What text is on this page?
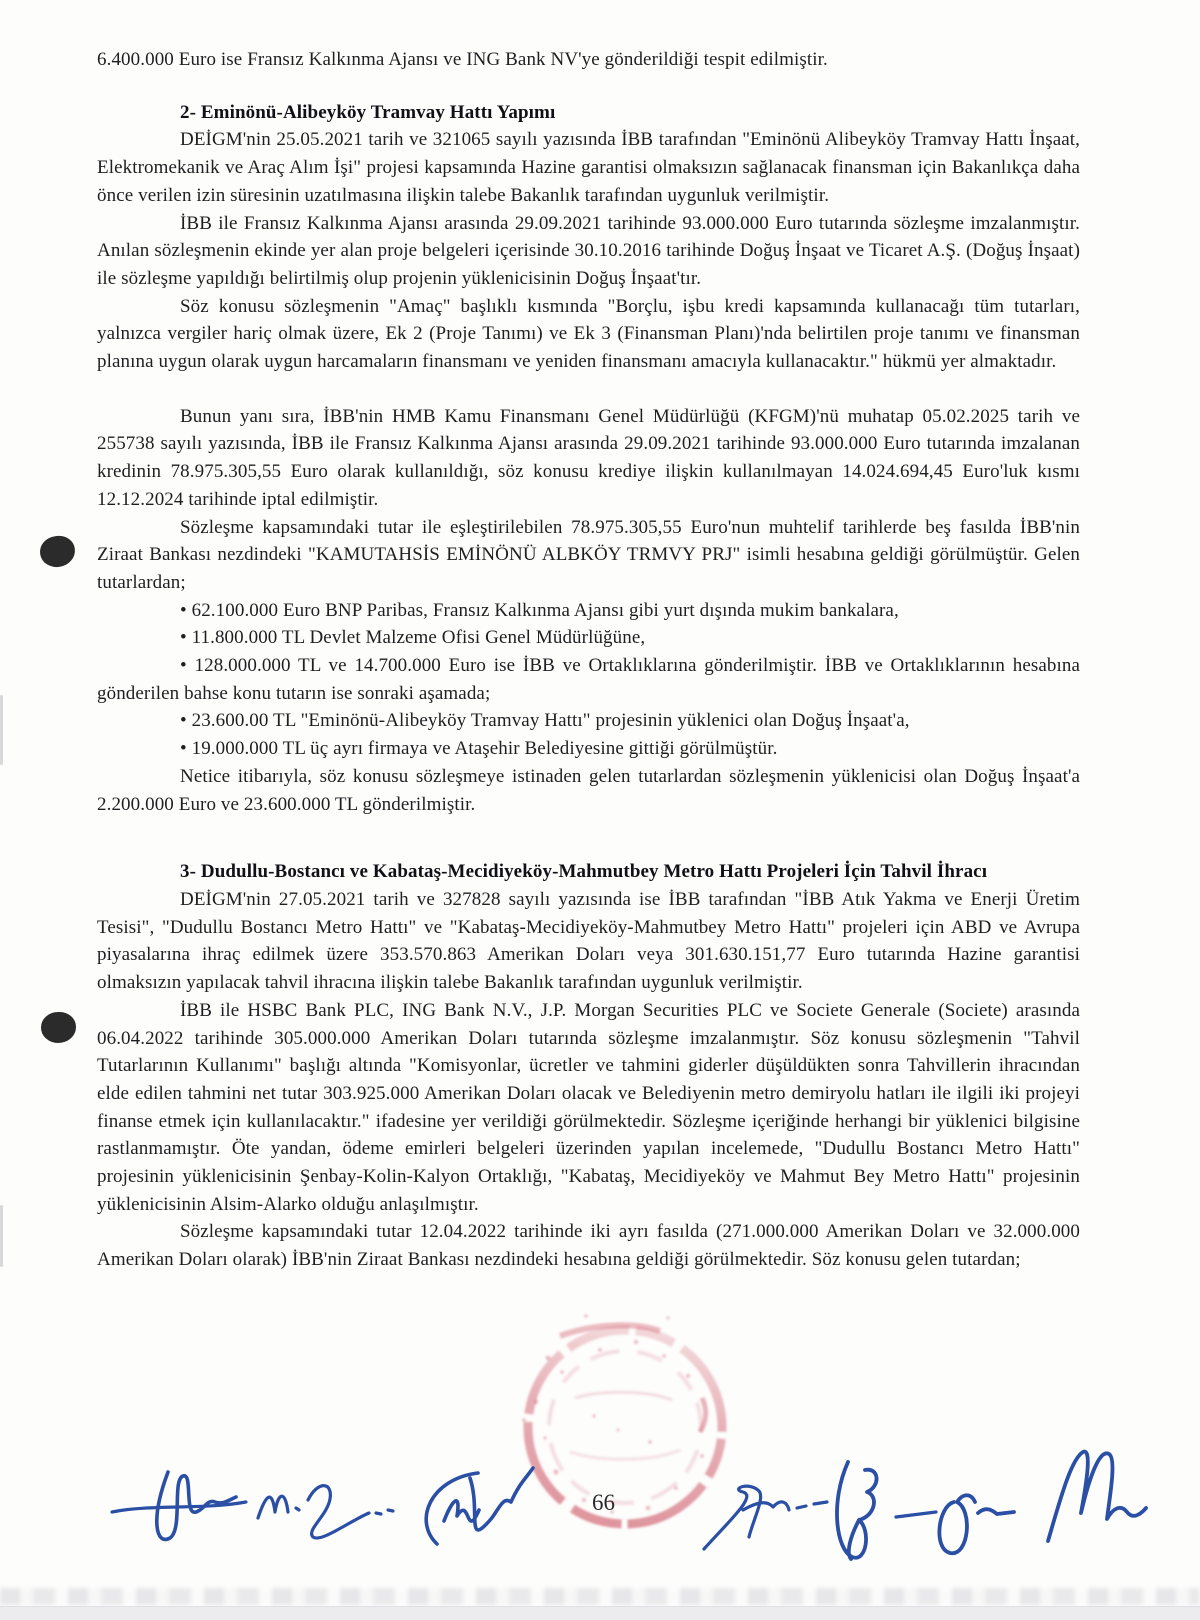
6.400.000 Euro ise Fransız Kalkınma Ajansı ve ING Bank NV'ye gönderildiği tespit edilmiştir.

2- Eminönü-Alibeyköy Tramvay Hattı Yapımı

DEİGM'nin 25.05.2021 tarih ve 321065 sayılı yazısında İBB tarafından "Eminönü Alibeyköy Tramvay Hattı İnşaat, Elektromekanik ve Araç Alım İşi" projesi kapsamında Hazine garantisi olmaksızın sağlanacak finansman için Bakanlıkça daha önce verilen izin süresinin uzatılmasına ilişkin talebe Bakanlık tarafından uygunluk verilmiştir.

İBB ile Fransız Kalkınma Ajansı arasında 29.09.2021 tarihinde 93.000.000 Euro tutarında sözleşme imzalanmıştır. Anılan sözleşmenin ekinde yer alan proje belgeleri içerisinde 30.10.2016 tarihinde Doğuş İnşaat ve Ticaret A.Ş. (Doğuş İnşaat) ile sözleşme yapıldığı belirtilmiş olup projenin yüklenicisinin Doğuş İnşaat'tır.

Söz konusu sözleşmenin "Amaç" başlıklı kısmında "Borçlu, işbu kredi kapsamında kullanacağı tüm tutarları, yalnızca vergiler hariç olmak üzere, Ek 2 (Proje Tanımı) ve Ek 3 (Finansman Planı)'nda belirtilen proje tanımı ve finansman planına uygun olarak uygun harcamaların finansmanı ve yeniden finansmanı amacıyla kullanacaktır." hükmü yer almaktadır.

Bunun yanı sıra, İBB'nin HMB Kamu Finansmanı Genel Müdürlüğü (KFGM)'nü muhatap 05.02.2025 tarih ve 255738 sayılı yazısında, İBB ile Fransız Kalkınma Ajansı arasında 29.09.2021 tarihinde 93.000.000 Euro tutarında imzalanan kredinin 78.975.305,55 Euro olarak kullanıldığı, söz konusu krediye ilişkin kullanılmayan 14.024.694,45 Euro'luk kısmı 12.12.2024 tarihinde iptal edilmiştir.

Sözleşme kapsamındaki tutar ile eşleştirilebilen 78.975.305,55 Euro'nun muhtelif tarihlerde beş fasılda İBB'nin Ziraat Bankası nezdindeki "KAMUTAHSİS EMİNÖNÜ ALBKÖY TRMVY PRJ" isimli hesabına geldiği görülmüştür. Gelen tutarlardan;

• 62.100.000 Euro BNP Paribas, Fransız Kalkınma Ajansı gibi yurt dışında mukim bankalara,

• 11.800.000 TL Devlet Malzeme Ofisi Genel Müdürlüğüne,

• 128.000.000 TL ve 14.700.000 Euro ise İBB ve Ortaklıklarına gönderilmiştir. İBB ve Ortaklıklarının hesabına gönderilen bahse konu tutarın ise sonraki aşamada;

• 23.600.00 TL "Eminönü-Alibeyköy Tramvay Hattı" projesinin yüklenici olan Doğuş İnşaat'a,

• 19.000.000 TL üç ayrı firmaya ve Ataşehir Belediyesine gittiği görülmüştür.

Netice itibarıyla, söz konusu sözleşmeye istinaden gelen tutarlardan sözleşmenin yüklenicisi olan Doğuş İnşaat'a 2.200.000 Euro ve 23.600.000 TL gönderilmiştir.

3- Dudullu-Bostancı ve Kabataş-Mecidiyeköy-Mahmutbey Metro Hattı Projeleri İçin Tahvil İhracı

DEİGM'nin 27.05.2021 tarih ve 327828 sayılı yazısında ise İBB tarafından "İBB Atık Yakma ve Enerji Üretim Tesisi", "Dudullu Bostancı Metro Hattı" ve "Kabataş-Mecidiyeköy-Mahmutbey Metro Hattı" projeleri için ABD ve Avrupa piyasalarına ihraç edilmek üzere 353.570.863 Amerikan Doları veya 301.630.151,77 Euro tutarında Hazine garantisi olmaksızın yapılacak tahvil ihracına ilişkin talebe Bakanlık tarafından uygunluk verilmiştir.

İBB ile HSBC Bank PLC, ING Bank N.V., J.P. Morgan Securities PLC ve Societe Generale (Societe) arasında 06.04.2022 tarihinde 305.000.000 Amerikan Doları tutarında sözleşme imzalanmıştır. Söz konusu sözleşmenin "Tahvil Tutarlarının Kullanımı" başlığı altında "Komisyonlar, ücretler ve tahmini giderler düşüldükten sonra Tahvillerin ihracından elde edilen tahmini net tutar 303.925.000 Amerikan Doları olacak ve Belediyenin metro demiryolu hatları ile ilgili iki projeyi finanse etmek için kullanılacaktır." ifadesine yer verildiği görülmektedir. Sözleşme içeriğinde herhangi bir yüklenici bilgisine rastlanmamıştır. Öte yandan, ödeme emirleri belgeleri üzerinden yapılan incelemede, "Dudullu Bostancı Metro Hattı" projesinin yüklenicisinin Şenbay-Kolin-Kalyon Ortaklığı, "Kabataş, Mecidiyeköy ve Mahmut Bey Metro Hattı" projesinin yüklenicisinin Alsim-Alarko olduğu anlaşılmıştır.

Sözleşme kapsamındaki tutar 12.04.2022 tarihinde iki ayrı fasılda (271.000.000 Amerikan Doları ve 32.000.000 Amerikan Doları olarak) İBB'nin Ziraat Bankası nezdindeki hesabına geldiği görülmektedir. Söz konusu gelen tutardan;

66
